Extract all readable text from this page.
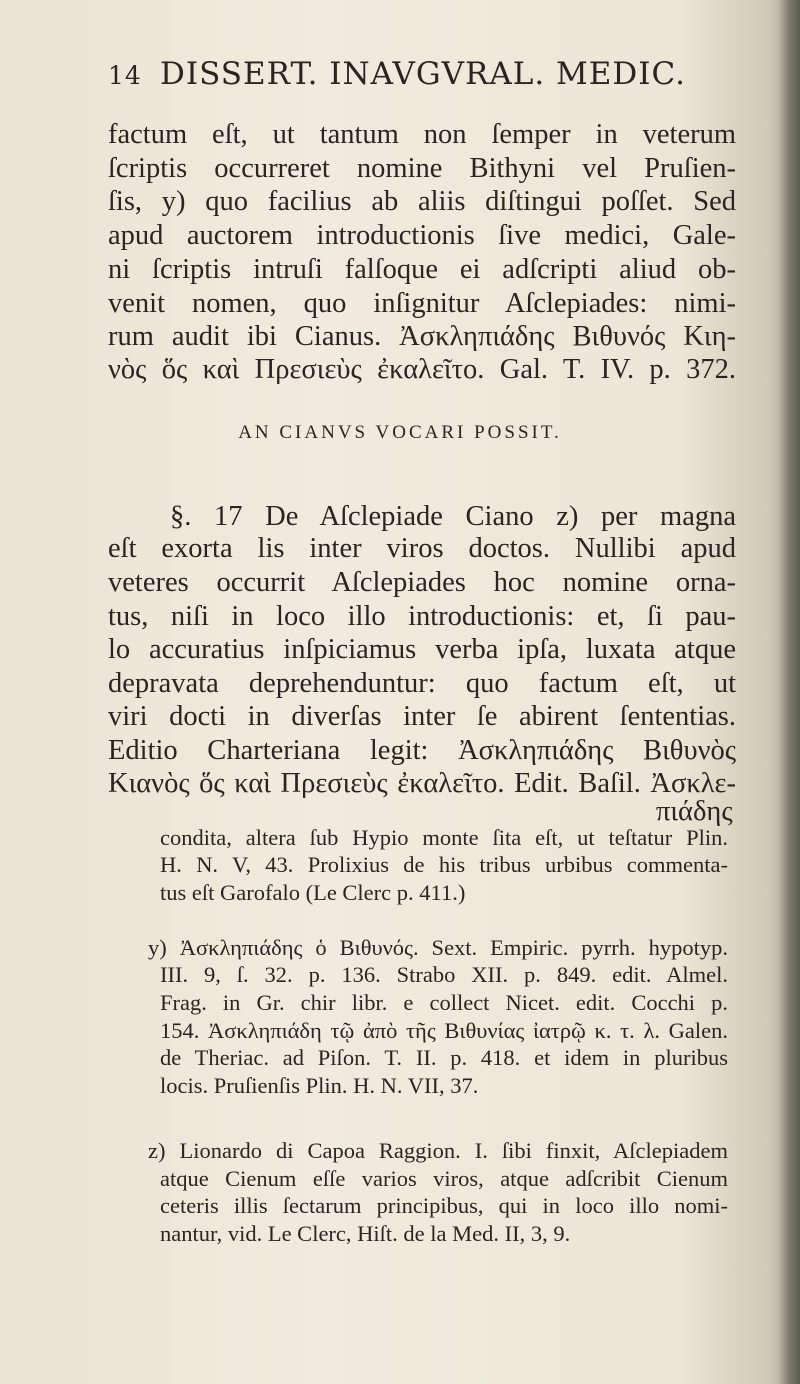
14 DISSERT. INAVGVRAL. MEDIC.
factum eſt, ut tantum non ſemper in veterum
ſcriptis occurreret nomine Bithyni vel Pruſien-
ſis, y) quo facilius ab aliis diſtingui poſſet. Sed
apud auctorem introductionis ſive medici, Gale-
ni ſcriptis intruſi falſoque ei adſcripti aliud ob-
venit nomen, quo inſignitur Aſclepiades: nimi-
rum audit ibi Cianus. Ἀσκληπιάδης Βιθυνός Κιη-
νὸς ὅς καὶ Πρεσιεὺς ἐκαλεῖτο. Gal. T. IV. p. 372.
AN CIANVS VOCARI POSSIT.
§. 17 De Aſclepiade Ciano z) per magna
eſt exorta lis inter viros doctos. Nullibi apud
veteres occurrit Aſclepiades hoc nomine orna-
tus, niſi in loco illo introductionis: et, ſi pau-
lo accuratius inſpiciamus verba ipſa, luxata atque
depravata deprehenduntur: quo factum eſt, ut
viri docti in diverſas inter ſe abirent ſententias.
Editio Charteriana legit: Ἀσκληπιάδης Βιθυνὸς
Κιανὸς ὅς καὶ Πρεσιεὺς ἐκαλεῖτο. Edit. Baſil. Ἀσκλε-
πιάδης
condita, altera ſub Hypio monte ſita eſt, ut teſtatur Plin.
H. N. V, 43. Prolixius de his tribus urbibus commenta-
tus eſt Garofalo (Le Clerc p. 411.)
y) Ἀσκληπιάδης ὁ Βιθυνός. Sext. Empiric. pyrrh. hypotyp.
III. 9, ſ. 32. p. 136. Strabo XII. p. 849. edit. Almel.
Frag. in Gr. chir libr. e collect Nicet. edit. Cocchi p.
154. Ἀσκληπιάδη τῷ ἀπὸ τῆς Βιθυνίας ἰατρῷ κ. τ. λ. Galen.
de Theriac. ad Piſon. T. II. p. 418. et idem in pluribus
locis. Pruſienſis Plin. H. N. VII, 37.
z) Lionardo di Capoa Raggion. I. ſibi finxit, Aſclepiadem
atque Cienum eſſe varios viros, atque adſcribit Cienum
ceteris illis ſectarum principibus, qui in loco illo nomi-
nantur, vid. Le Clerc, Hiſt. de la Med. II, 3, 9.
